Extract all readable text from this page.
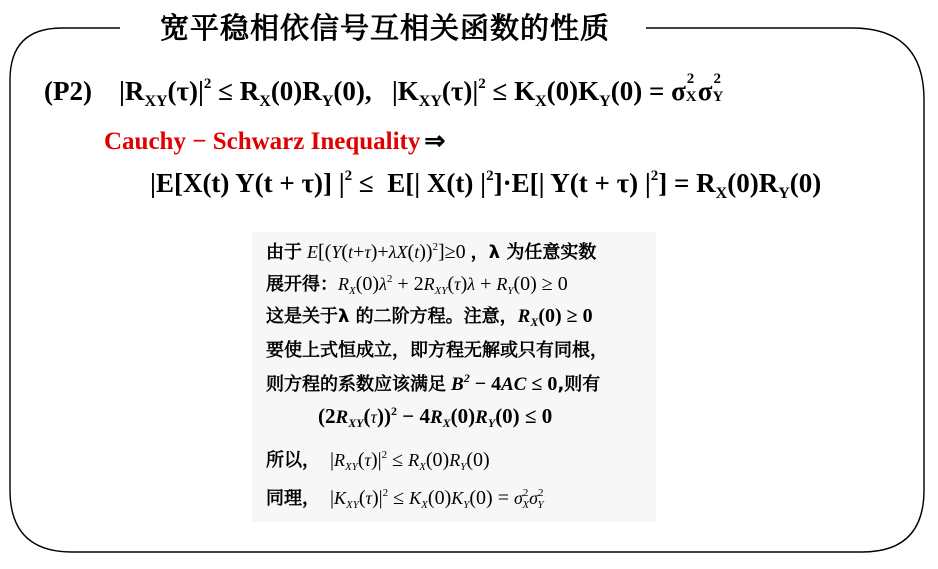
宽平稳相依信号互相关函数的性质
(P2)    $|R_{XY}(\tau)|^2 \le R_X(0)R_Y(0)$,   $|K_{XY}(\tau)|^2 \le K_X(0)K_Y(0) = \sigma$ 2
X σ 2
Y
Cauchy − Schwarz Inequality ⇒
|E[X(t) Y(t + τ)] $|^2 \le E[|$ X(t) $|^2]\cdot E[|$ Y(t + τ) $|^2] = R_X(0)R_Y(0)$
由于 $E[(Y(t+\tau)+\lambda X(t))^2]\ge 0$ ，λ 为任意实数
展开得：$R_X(0)\lambda^2 + 2R_{XY}(\tau)\lambda + R_Y(0) \ge 0$
这是关于λ 的二阶方程。注意，$R_X(0) \ge 0$
要使上式恒成立，即方程无解或只有同根，
则方程的系数应该满足 $B^2 - 4AC \le 0$,则有
$(2R_{XY}(\tau))^2 - 4R_X(0)R_Y(0) \le 0$
所以，  $|R_{XY}(\tau)|^2 \le R_X(0)R_Y(0)$
同理，  $|K_{XY}(\tau)|^2 \le K_X(0)K_Y(0) = \sigma^2_X\sigma^2_Y$
